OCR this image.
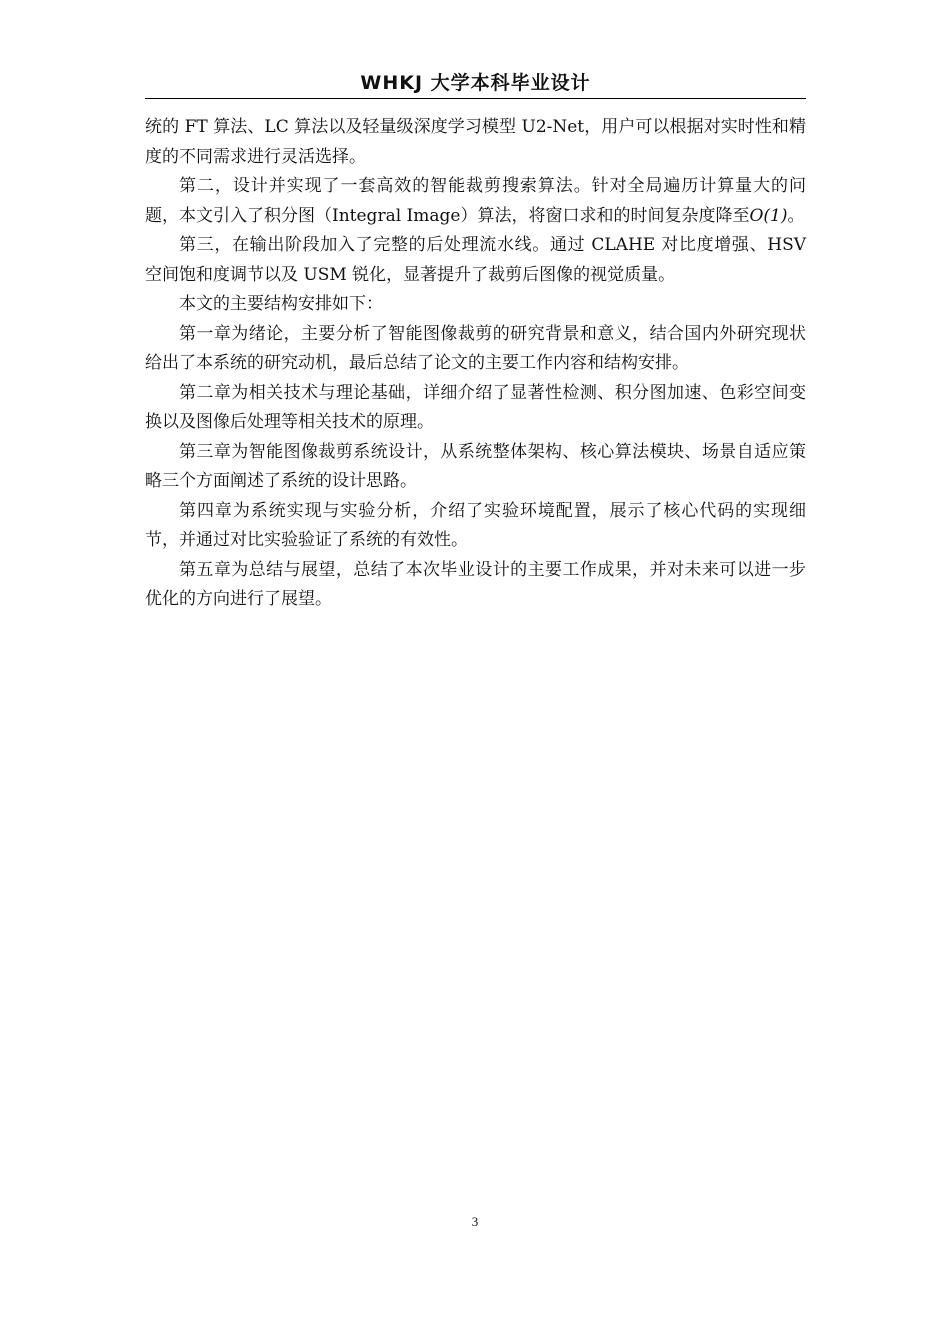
WHKJ 大学本科毕业设计

统的 FT 算法、LC 算法以及轻量级深度学习模型 U2-Net，用户可以根据对实时性和精度的不同需求进行灵活选择。

第二，设计并实现了一套高效的智能裁剪搜索算法。针对全局遍历计算量大的问题，本文引入了积分图（Integral Image）算法，将窗口求和的时间复杂度降至O(1)。

第三，在输出阶段加入了完整的后处理流水线。通过 CLAHE 对比度增强、HSV 空间饱和度调节以及 USM 锐化，显著提升了裁剪后图像的视觉质量。

本文的主要结构安排如下：

第一章为绪论，主要分析了智能图像裁剪的研究背景和意义，结合国内外研究现状给出了本系统的研究动机，最后总结了论文的主要工作内容和结构安排。

第二章为相关技术与理论基础，详细介绍了显著性检测、积分图加速、色彩空间变换以及图像后处理等相关技术的原理。

第三章为智能图像裁剪系统设计，从系统整体架构、核心算法模块、场景自适应策略三个方面阐述了系统的设计思路。

第四章为系统实现与实验分析，介绍了实验环境配置，展示了核心代码的实现细节，并通过对比实验验证了系统的有效性。

第五章为总结与展望，总结了本次毕业设计的主要工作成果，并对未来可以进一步优化的方向进行了展望。

3
